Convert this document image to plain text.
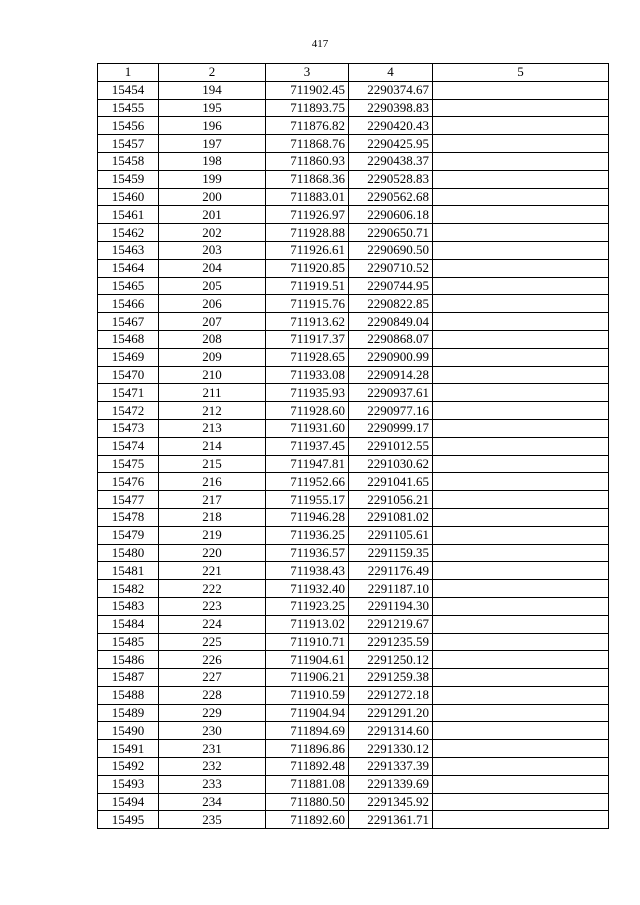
417
1	2	3	4	5
15454	194	711902.45	2290374.67	
15455	195	711893.75	2290398.83	
15456	196	711876.82	2290420.43	
15457	197	711868.76	2290425.95	
15458	198	711860.93	2290438.37	
15459	199	711868.36	2290528.83	
15460	200	711883.01	2290562.68	
15461	201	711926.97	2290606.18	
15462	202	711928.88	2290650.71	
15463	203	711926.61	2290690.50	
15464	204	711920.85	2290710.52	
15465	205	711919.51	2290744.95	
15466	206	711915.76	2290822.85	
15467	207	711913.62	2290849.04	
15468	208	711917.37	2290868.07	
15469	209	711928.65	2290900.99	
15470	210	711933.08	2290914.28	
15471	211	711935.93	2290937.61	
15472	212	711928.60	2290977.16	
15473	213	711931.60	2290999.17	
15474	214	711937.45	2291012.55	
15475	215	711947.81	2291030.62	
15476	216	711952.66	2291041.65	
15477	217	711955.17	2291056.21	
15478	218	711946.28	2291081.02	
15479	219	711936.25	2291105.61	
15480	220	711936.57	2291159.35	
15481	221	711938.43	2291176.49	
15482	222	711932.40	2291187.10	
15483	223	711923.25	2291194.30	
15484	224	711913.02	2291219.67	
15485	225	711910.71	2291235.59	
15486	226	711904.61	2291250.12	
15487	227	711906.21	2291259.38	
15488	228	711910.59	2291272.18	
15489	229	711904.94	2291291.20	
15490	230	711894.69	2291314.60	
15491	231	711896.86	2291330.12	
15492	232	711892.48	2291337.39	
15493	233	711881.08	2291339.69	
15494	234	711880.50	2291345.92	
15495	235	711892.60	2291361.71	
